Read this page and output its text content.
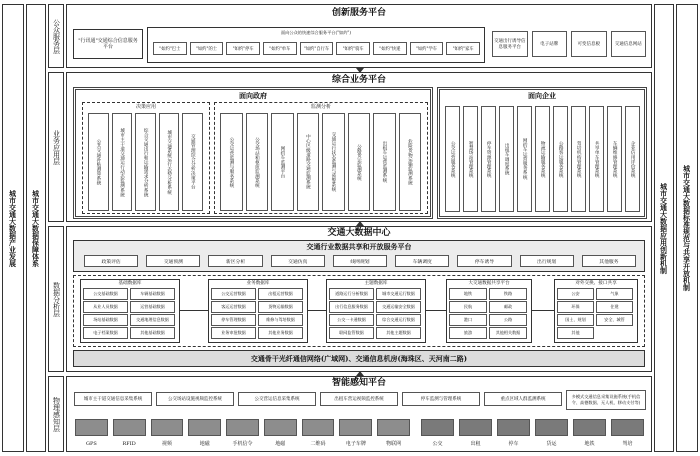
城市交通大数据产业发展	城市交通大数据保障体系	城市交通大数据应用创新机制	城市交通大数据标准规范与共享开放机制
公众服务层
业务应用层
数据分析层
物理感知层
创新服务平台
"行讯通"交通综合信息服务平台
面向公众的快速综合服务平台("如约")
"如约"巴士	"如约"的士	"如约"停车	"如约"单车	"如约"自行车	"如约"骑车	"如约"快递	"如约"学车	"如约"家车
交通出行诱导信息服务平台
电子站牌	可变信息板	交通信息网站
综合业务平台
面向政府
决策应用
公共交通补贴测算系统	城市主干道交通运行动态监测系统	综合交通出行和运输需求分析系统	城市交通系统运行态势分析系统	交通管理综合分析决策平台
监测分析
公交运营监测与服务系统	公交场站和枢纽监测系统	网约车监测平台	中心区级道路交通监测系统	交通运行状态监测与预警系统	公路货运监测系统	出租车运营监测系统	危险货物运输监测系统
面向企业
公交运营服务系统	智慧场站管理系统	停车资源管理系统	出租车调度系统	网约车运营服务系统	物流运输服务系统	公路客运服务系统	驾培机构管理系统	共享单车管理系统	车辆维修管理系统	企业信用评价系统
交通大数据中心
交通行业数据共享和开放服务平台
政策评估	交通预测	新区分析	交通仿真	线网规划	车辆调度	停车诱导	出行规划	其他服务
基础数据库
公交基础数据	车辆基础数据
从业人员数据	运营基础数据
场站基础数据	交通地理信息数据
电子档案数据	其他基础数据
业务数据库
公交运营数据	出租运营数据
客运运营数据	货物运输数据
停车管理数据	维修与驾培数据
业务审批数据	其他业务数据
主题数据库
道路运行分析数据	城市交通运行数据
出行信息服务数据	交通运输安全数据
公交一卡通数据	综合交通运行数据
联网监管数据	其他主题数据
大交通数据共享平台
地铁	铁路
民航	邮政
港口	公路
旅游	其他相关数据
对外交换、接口共享
公安	气象
环保	住建
国土、规划	安全、城管
其他
交通骨干光纤通信网络(广域网)、交通信息机房(海珠区、天河南二路)
智能感知平台
城市主干道交通信息采集系统	公交场站设施视频监控系统	公交营运信息采集系统	出租车营运视频监控系统	停车监测与管理系统	重点区域人群监测系统
多模式交通信息采集设施系统(手机信令、高德数据、无人机、移动支付等)
GPS	RFID	视频	地磁	手机信令	地磁	二维码	电子车牌	物联网	公交	出租	停车	货运	地铁	驾培
